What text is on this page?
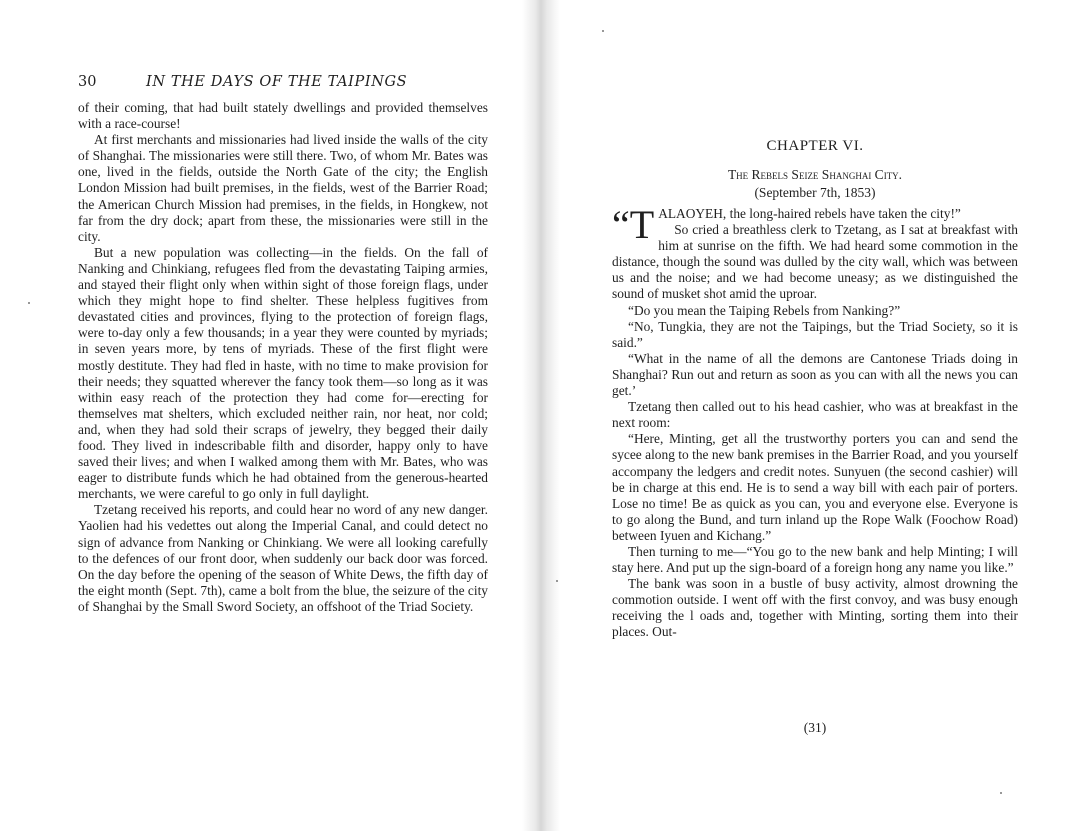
30	IN THE DAYS OF THE TAIPINGS

of their coming, that had built stately dwellings and provided themselves with a race-course!

At first merchants and missionaries had lived inside the walls of the city of Shanghai. The missionaries were still there. Two, of whom Mr. Bates was one, lived in the fields, outside the North Gate of the city; the English London Mission had built premises, in the fields, west of the Barrier Road; the American Church Mission had premises, in the fields, in Hongkew, not far from the dry dock; apart from these, the missionaries were still in the city.

But a new population was collecting—in the fields. On the fall of Nanking and Chinkiang, refugees fled from the devastating Taiping armies, and stayed their flight only when within sight of those foreign flags, under which they might hope to find shelter. These helpless fugitives from devastated cities and provinces, flying to the protection of foreign flags, were to-day only a few thousands; in a year they were counted by myriads; in seven years more, by tens of myriads. These of the first flight were mostly destitute. They had fled in haste, with no time to make provision for their needs; they squatted wherever the fancy took them—so long as it was within easy reach of the protection they had come for—erecting for themselves mat shelters, which excluded neither rain, nor heat, nor cold; and, when they had sold their scraps of jewelry, they begged their daily food. They lived in indescribable filth and disorder, happy only to have saved their lives; and when I walked among them with Mr. Bates, who was eager to distribute funds which he had obtained from the generous-hearted merchants, we were careful to go only in full daylight.

Tzetang received his reports, and could hear no word of any new danger. Yaolien had his vedettes out along the Imperial Canal, and could detect no sign of advance from Nanking or Chinkiang. We were all looking carefully to the defences of our front door, when suddenly our back door was forced. On the day before the opening of the season of White Dews, the fifth day of the eight month (Sept. 7th), came a bolt from the blue, the seizure of the city of Shanghai by the Small Sword Society, an offshoot of the Triad Society.

CHAPTER VI.
The Rebels Seize Shanghai City.
(September 7th, 1853)

“TALAOYEH, the long-haired rebels have taken the city!”

So cried a breathless clerk to Tzetang, as I sat at breakfast with him at sunrise on the fifth. We had heard some commotion in the distance, though the sound was dulled by the city wall, which was between us and the noise; and we had become uneasy; as we distinguished the sound of musket shot amid the uproar.

“Do you mean the Taiping Rebels from Nanking?”

“No, Tungkia, they are not the Taipings, but the Triad Society, so it is said.”

“What in the name of all the demons are Cantonese Triads doing in Shanghai? Run out and return as soon as you can with all the news you can get.’

Tzetang then called out to his head cashier, who was at breakfast in the next room:

“Here, Minting, get all the trustworthy porters you can and send the sycee along to the new bank premises in the Barrier Road, and you yourself accompany the ledgers and credit notes. Sunyuen (the second cashier) will be in charge at this end. He is to send a way bill with each pair of porters. Lose no time! Be as quick as you can, you and everyone else. Everyone is to go along the Bund, and turn inland up the Rope Walk (Foochow Road) between Iyuen and Kichang.”

Then turning to me—“You go to the new bank and help Minting; I will stay here. And put up the sign-board of a foreign hong any name you like.”

The bank was soon in a bustle of busy activity, almost drowning the commotion outside. I went off with the first convoy, and was busy enough receiving the l oads and, together with Minting, sorting them into their places. Out-

(31)
